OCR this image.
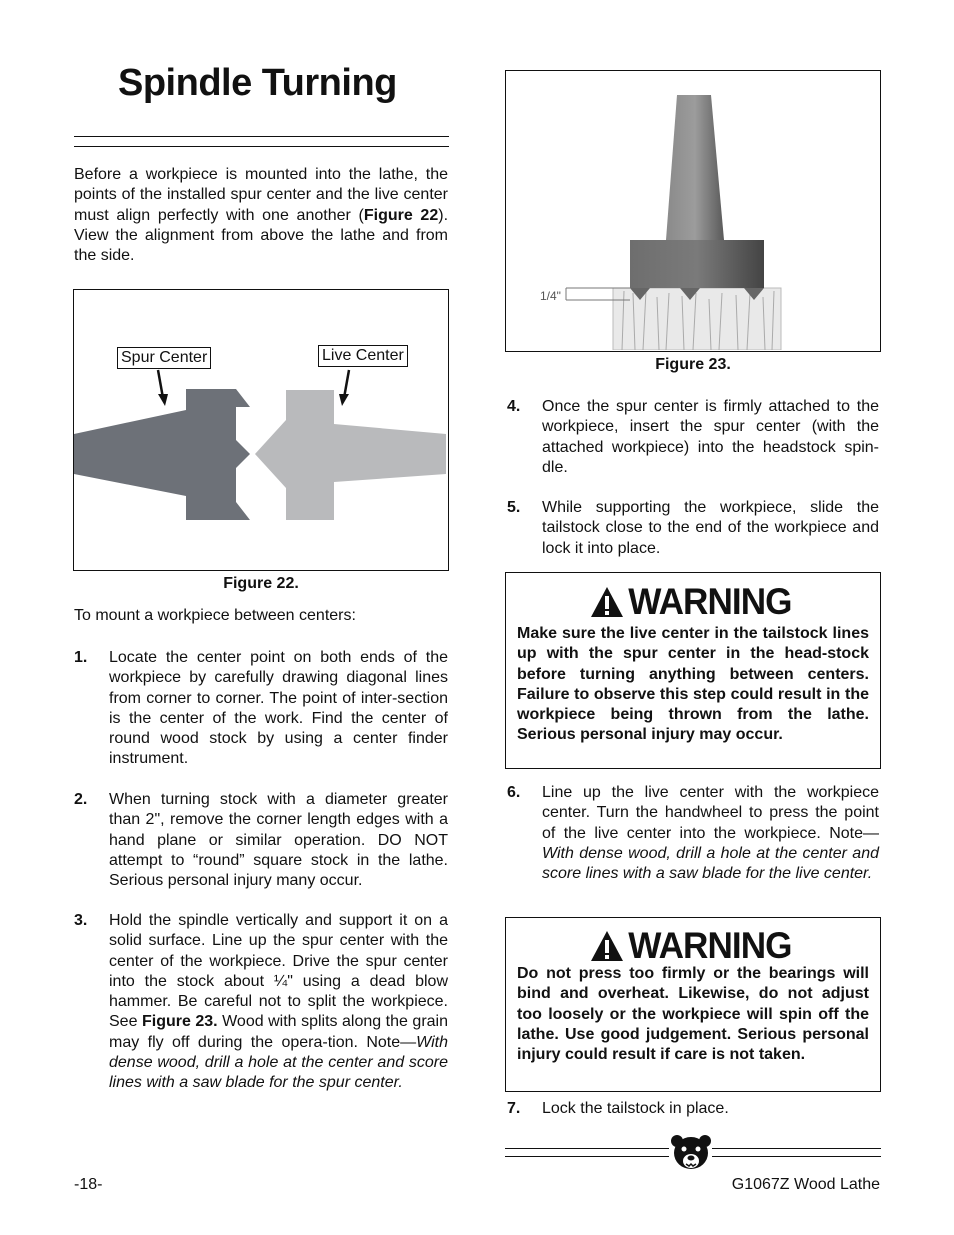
Spindle Turning
Before a workpiece is mounted into the lathe, the points of the installed spur center and the live center must align perfectly with one another (Figure 22). View the alignment from above the lathe and from the side.
Spur Center	Live Center
Figure 22.
To mount a workpiece between centers:
1. Locate the center point on both ends of the workpiece by carefully drawing diagonal lines from corner to corner. The point of inter-section is the center of the work. Find the center of round wood stock by using a center finder instrument.
2. When turning stock with a diameter greater than 2", remove the corner length edges with a hand plane or similar operation. DO NOT attempt to “round” square stock in the lathe. Serious personal injury many occur.
3. Hold the spindle vertically and support it on a solid surface. Line up the spur center with the center of the workpiece. Drive the spur center into the stock about ¼" using a dead blow hammer. Be careful not to split the workpiece. See Figure 23. Wood with splits along the grain may fly off during the opera-tion. Note—With dense wood, drill a hole at the center and score lines with a saw blade for the spur center.
1/4"
Figure 23.
4. Once the spur center is firmly attached to the workpiece, insert the spur center (with the attached workpiece) into the headstock spin-dle.
5. While supporting the workpiece, slide the tailstock close to the end of the workpiece and lock it into place.
WARNING
Make sure the live center in the tailstock lines up with the spur center in the head-stock before turning anything between centers. Failure to observe this step could result in the workpiece being thrown from the lathe. Serious personal injury may occur.
6. Line up the live center with the workpiece center. Turn the handwheel to press the point of the live center into the workpiece. Note—With dense wood, drill a hole at the center and score lines with a saw blade for the live center.
WARNING
Do not press too firmly or the bearings will bind and overheat. Likewise, do not adjust too loosely or the workpiece will spin off the lathe. Use good judgement. Serious personal injury could result if care is not taken.
7. Lock the tailstock in place.
-18-	G1067Z Wood Lathe
